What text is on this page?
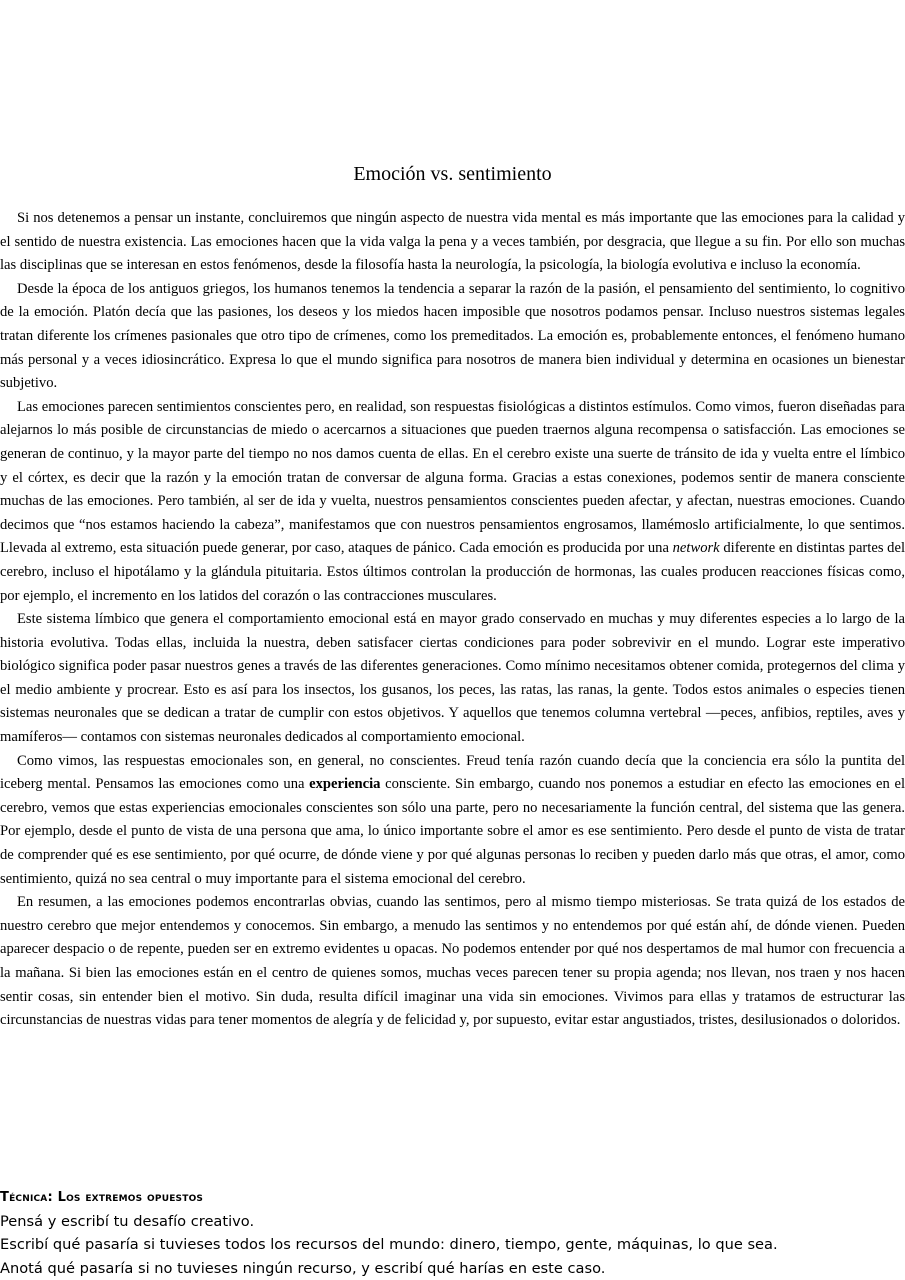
Emoción vs. sentimiento

Si nos detenemos a pensar un instante, concluiremos que ningún aspecto de nuestra vida mental es más importante que las emociones para la calidad y el sentido de nuestra existencia. Las emociones hacen que la vida valga la pena y a veces también, por desgracia, que llegue a su fin. Por ello son muchas las disciplinas que se interesan en estos fenómenos, desde la filosofía hasta la neurología, la psicología, la biología evolutiva e incluso la economía.

Desde la época de los antiguos griegos, los humanos tenemos la tendencia a separar la razón de la pasión, el pensamiento del sentimiento, lo cognitivo de la emoción. Platón decía que las pasiones, los deseos y los miedos hacen imposible que nosotros podamos pensar. Incluso nuestros sistemas legales tratan diferente los crímenes pasionales que otro tipo de crímenes, como los premeditados. La emoción es, probablemente entonces, el fenómeno humano más personal y a veces idiosincrático. Expresa lo que el mundo significa para nosotros de manera bien individual y determina en ocasiones un bienestar subjetivo.

Las emociones parecen sentimientos conscientes pero, en realidad, son respuestas fisiológicas a distintos estímulos. Como vimos, fueron diseñadas para alejarnos lo más posible de circunstancias de miedo o acercarnos a situaciones que pueden traernos alguna recompensa o satisfacción. Las emociones se generan de continuo, y la mayor parte del tiempo no nos damos cuenta de ellas. En el cerebro existe una suerte de tránsito de ida y vuelta entre el límbico y el córtex, es decir que la razón y la emoción tratan de conversar de alguna forma. Gracias a estas conexiones, podemos sentir de manera consciente muchas de las emociones. Pero también, al ser de ida y vuelta, nuestros pensamientos conscientes pueden afectar, y afectan, nuestras emociones. Cuando decimos que “nos estamos haciendo la cabeza”, manifestamos que con nuestros pensamientos engrosamos, llamémoslo artificialmente, lo que sentimos. Llevada al extremo, esta situación puede generar, por caso, ataques de pánico. Cada emoción es producida por una network diferente en distintas partes del cerebro, incluso el hipotálamo y la glándula pituitaria. Estos últimos controlan la producción de hormonas, las cuales producen reacciones físicas como, por ejemplo, el incremento en los latidos del corazón o las contracciones musculares.

Este sistema límbico que genera el comportamiento emocional está en mayor grado conservado en muchas y muy diferentes especies a lo largo de la historia evolutiva. Todas ellas, incluida la nuestra, deben satisfacer ciertas condiciones para poder sobrevivir en el mundo. Lograr este imperativo biológico significa poder pasar nuestros genes a través de las diferentes generaciones. Como mínimo necesitamos obtener comida, protegernos del clima y el medio ambiente y procrear. Esto es así para los insectos, los gusanos, los peces, las ratas, las ranas, la gente. Todos estos animales o especies tienen sistemas neuronales que se dedican a tratar de cumplir con estos objetivos. Y aquellos que tenemos columna vertebral —peces, anfibios, reptiles, aves y mamíferos— contamos con sistemas neuronales dedicados al comportamiento emocional.

Como vimos, las respuestas emocionales son, en general, no conscientes. Freud tenía razón cuando decía que la conciencia era sólo la puntita del iceberg mental. Pensamos las emociones como una experiencia consciente. Sin embargo, cuando nos ponemos a estudiar en efecto las emociones en el cerebro, vemos que estas experiencias emocionales conscientes son sólo una parte, pero no necesariamente la función central, del sistema que las genera. Por ejemplo, desde el punto de vista de una persona que ama, lo único importante sobre el amor es ese sentimiento. Pero desde el punto de vista de tratar de comprender qué es ese sentimiento, por qué ocurre, de dónde viene y por qué algunas personas lo reciben y pueden darlo más que otras, el amor, como sentimiento, quizá no sea central o muy importante para el sistema emocional del cerebro.

En resumen, a las emociones podemos encontrarlas obvias, cuando las sentimos, pero al mismo tiempo misteriosas. Se trata quizá de los estados de nuestro cerebro que mejor entendemos y conocemos. Sin embargo, a menudo las sentimos y no entendemos por qué están ahí, de dónde vienen. Pueden aparecer despacio o de repente, pueden ser en extremo evidentes u opacas. No podemos entender por qué nos despertamos de mal humor con frecuencia a la mañana. Si bien las emociones están en el centro de quienes somos, muchas veces parecen tener su propia agenda; nos llevan, nos traen y nos hacen sentir cosas, sin entender bien el motivo. Sin duda, resulta difícil imaginar una vida sin emociones. Vivimos para ellas y tratamos de estructurar las circunstancias de nuestras vidas para tener momentos de alegría y de felicidad y, por supuesto, evitar estar angustiados, tristes, desilusionados o doloridos.

Técnica: Los extremos opuestos
Pensá y escribí tu desafío creativo.
Escribí qué pasaría si tuvieses todos los recursos del mundo: dinero, tiempo, gente, máquinas, lo que sea.
Anotá qué pasaría si no tuvieses ningún recurso, y escribí qué harías en este caso.
